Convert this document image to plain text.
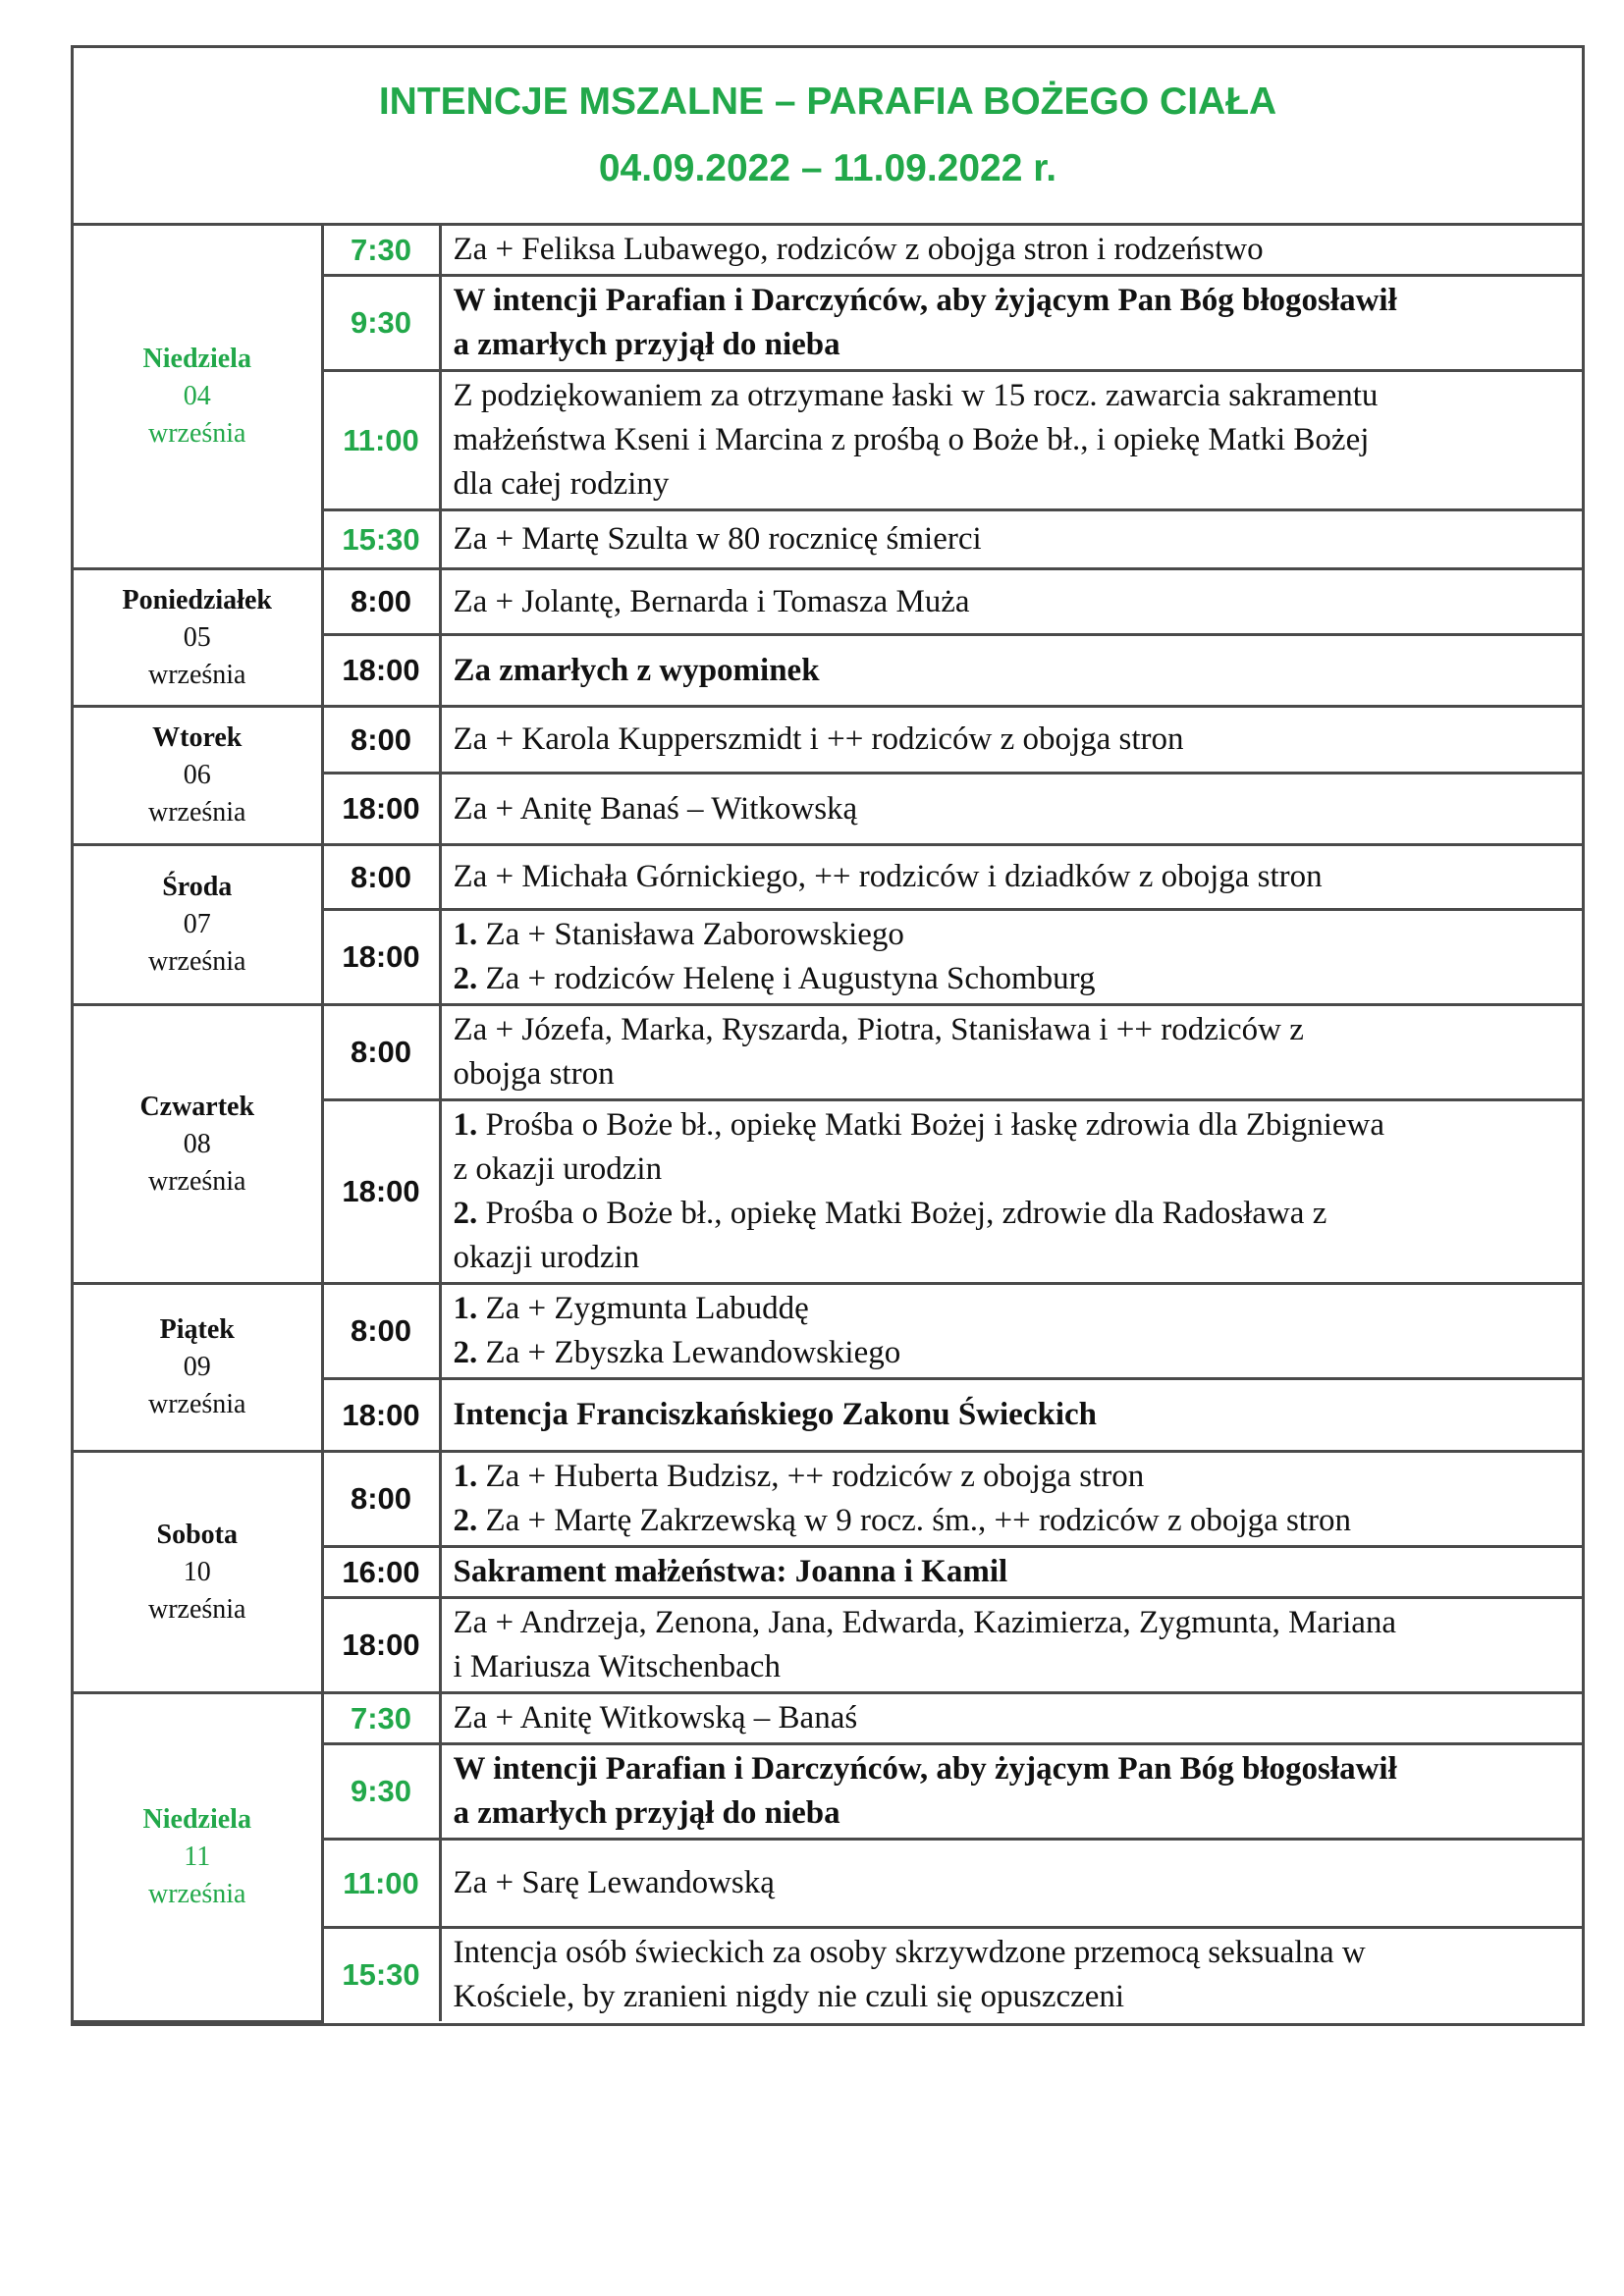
INTENCJE MSZALNE – PARAFIA BOŻEGO CIAŁA
04.09.2022 – 11.09.2022 r.
Niedziela
04
września	7:30	Za + Feliksa Lubawego, rodziców z obojga stron i rodzeństwo

	9:30	W intencji Parafian i Darczyńców, aby żyjącym Pan Bóg błogosławił
a zmarłych przyjął do nieba

	11:00	Z podziękowaniem za otrzymane łaski w 15 rocz. zawarcia sakramentu
małżeństwa Kseni i Marcina z prośbą o Boże bł., i opiekę Matki Bożej
dla całej rodziny

	15:30	Za + Martę Szulta w 80 rocznicę śmierci

Poniedziałek
05
września	8:00	Za + Jolantę, Bernarda i Tomasza Muża

	18:00	Za zmarłych z wypominek

Wtorek
06
września	8:00	Za + Karola Kupperszmidt i ++ rodziców z obojga stron

	18:00	Za + Anitę Banaś – Witkowską

Środa
07
września	8:00	Za + Michała Górnickiego, ++ rodziców i dziadków z obojga stron

	18:00	1. Za + Stanisława Zaborowskiego
2. Za + rodziców Helenę i Augustyna Schomburg

Czwartek
08
września	8:00	Za + Józefa, Marka, Ryszarda, Piotra, Stanisława i ++ rodziców z
obojga stron

	18:00	1. Prośba o Boże bł., opiekę Matki Bożej i łaskę zdrowia dla Zbigniewa
z okazji urodzin
2. Prośba o Boże bł., opiekę Matki Bożej, zdrowie dla Radosława z
okazji urodzin

Piątek
09
września	8:00	1. Za + Zygmunta Labuddę
2. Za + Zbyszka Lewandowskiego

	18:00	Intencja Franciszkańskiego Zakonu Świeckich

Sobota
10
września	8:00	1. Za + Huberta Budzisz, ++ rodziców z obojga stron
2. Za + Martę Zakrzewską w 9 rocz. śm., ++ rodziców z obojga stron

	16:00	Sakrament małżeństwa: Joanna i Kamil

	18:00	Za + Andrzeja, Zenona, Jana, Edwarda, Kazimierza, Zygmunta, Mariana
i Mariusza Witschenbach

Niedziela
11
września	7:30	Za + Anitę Witkowską – Banaś

	9:30	W intencji Parafian i Darczyńców, aby żyjącym Pan Bóg błogosławił
a zmarłych przyjął do nieba

	11:00	Za + Sarę Lewandowską

	15:30	Intencja osób świeckich za osoby skrzywdzone przemocą seksualna w
Kościele, by zranieni nigdy nie czuli się opuszczeni
